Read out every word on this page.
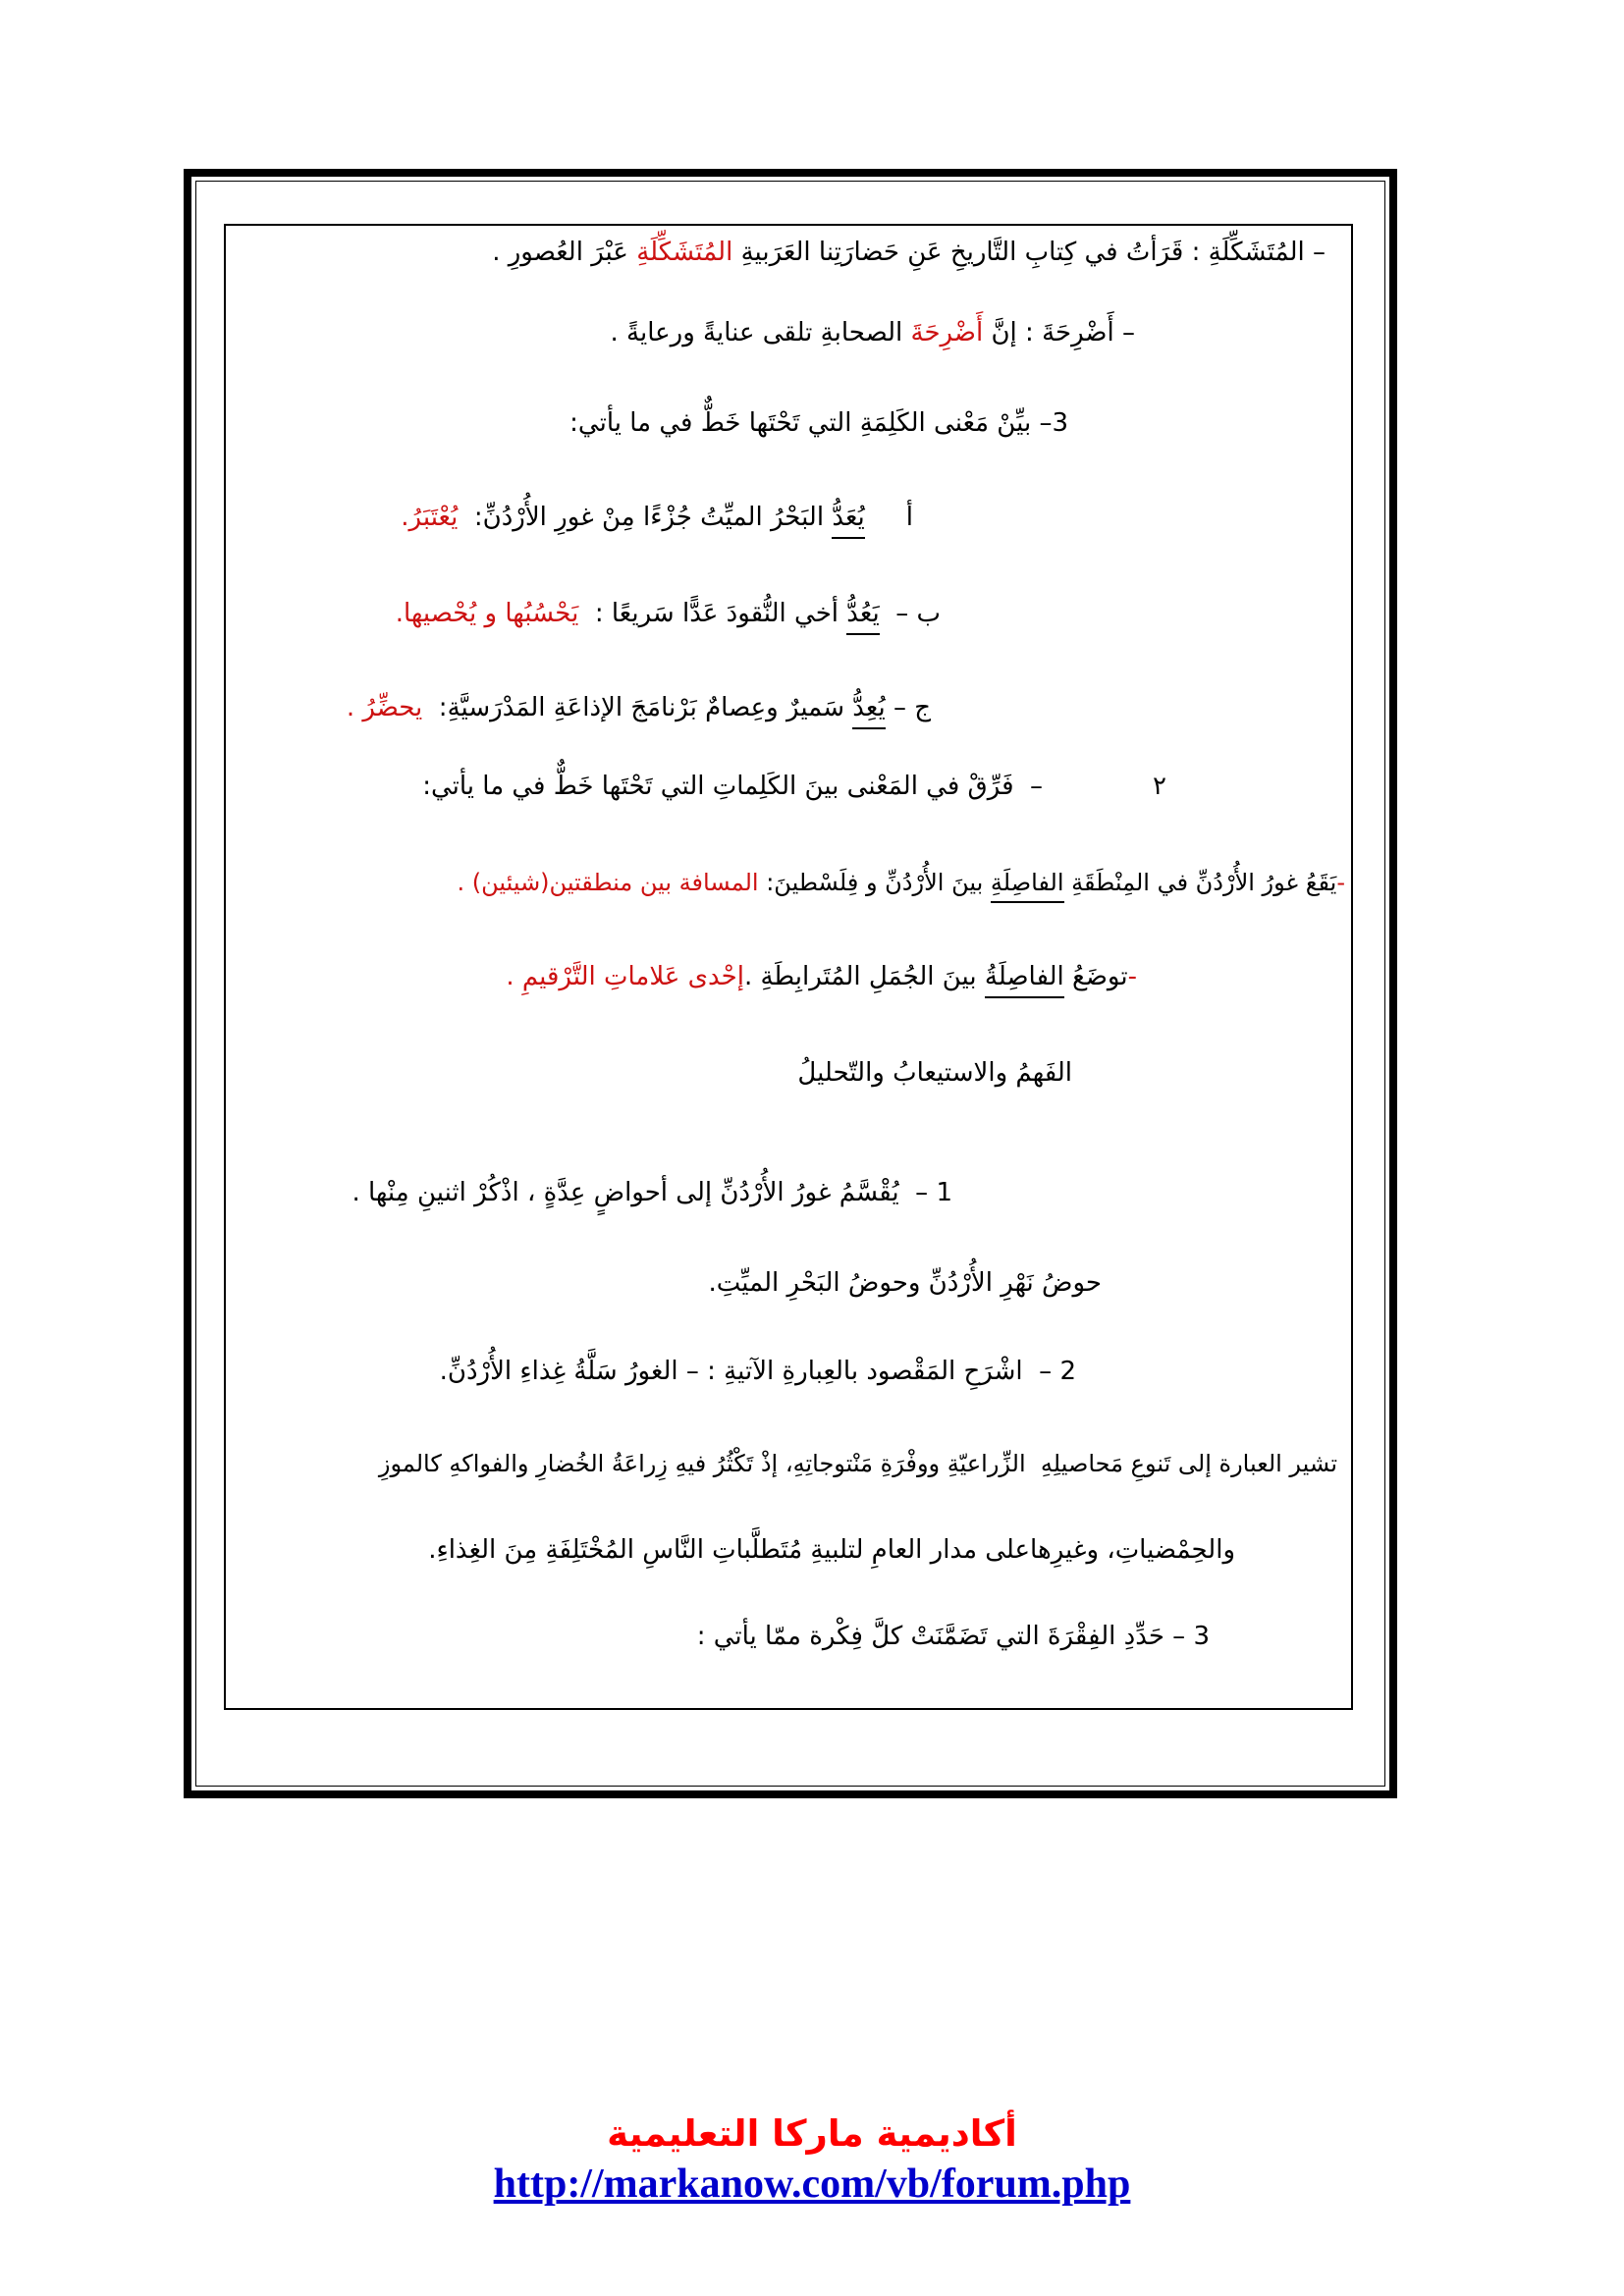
– المُتَشَكِّلَةِ : قَرَأتُ في كِتابِ التَّاريخِ عَنِ حَضارَتِنا العَرَبيةِ المُتَشَكِّلَةِ عَبْرَ العُصورِ .
– أَضْرِحَةَ : إنَّ أَضْرِحَةَ الصحابةِ تلقى عنايةً ورعايةً .
3– بيِّنْ مَعْنى الكَلِمَةِ التي تَحْتَها خَطٌّ في ما يأتي:
أيُعَدُّ البَحْرُ الميِّتُ جُزْءًا مِنْ غورِ الأُرْدُنِّ:  يُعْتَبَرُ.
ب –  يَعُدُّ أخي النُّقودَ عَدًّا سَريعًا :  يَحْسُبُها و يُحْصيها.
ج – يُعِدُّ سَميرٌ وعِصامٌ بَرْنامَجَ الإذاعَةِ المَدْرَسيَّةِ:  يحضِّرُ .
٢–  فَرِّقْ في المَعْنى بينَ الكَلِماتِ التي تَحْتَها خَطٌّ في ما يأتي:
-يَقَعُ غورُ الأُرْدُنِّ في المِنْطَقَةِ الفاصِلَةِ بينَ الأُرْدُنِّ و فِلَسْطينَ: المسافة بين منطقتين(شيئين) .
-توضَعُ الفاصِلَةُ بينَ الجُمَلِ المُتَرابِطَةِ .إحْدى عَلاماتِ التَّرْقيمِ .
الفَهمُ والاستيعابُ والتّحليلُ
1 –  يُقْسَّمُ غورُ الأُرْدُنِّ إلى أحواضٍ عِدَّةٍ ، اذْكُرْ اثنينِ مِنْها .
حوضُ نَهْرِ الأُرْدُنِّ وحوضُ البَحْرِ الميِّتِ.
2 –  اشْرَحِ المَقْصود بالعِبارةِ الآتيةِ : – الغورُ سَلَّةُ غِذاءِ الأُرْدُنِّ.
تشير العبارة إلى تَنوعِ مَحاصيلِهِ  الزِّراعيّةِ ووفْرَةِ مَنْتوجاتِهِ، إذْ تَكْثُرُ فيهِ زِراعَةُ الخُضارِ والفواكهِ كالموزِ
والحِمْضياتِ، وغيرِهاعلى مدار العامِ لتلبيةِ مُتَطلَّباتِ النَّاسِ المُخْتَلِفَةِ مِنَ الغِذاءِ.
3 – حَدِّدِ الفِقْرَةَ التي تَضَمَّنَتْ كلَّ فِكْرة ممّا يأتي :
أكاديمية ماركا التعليمية
http://markanow.com/vb/forum.php
